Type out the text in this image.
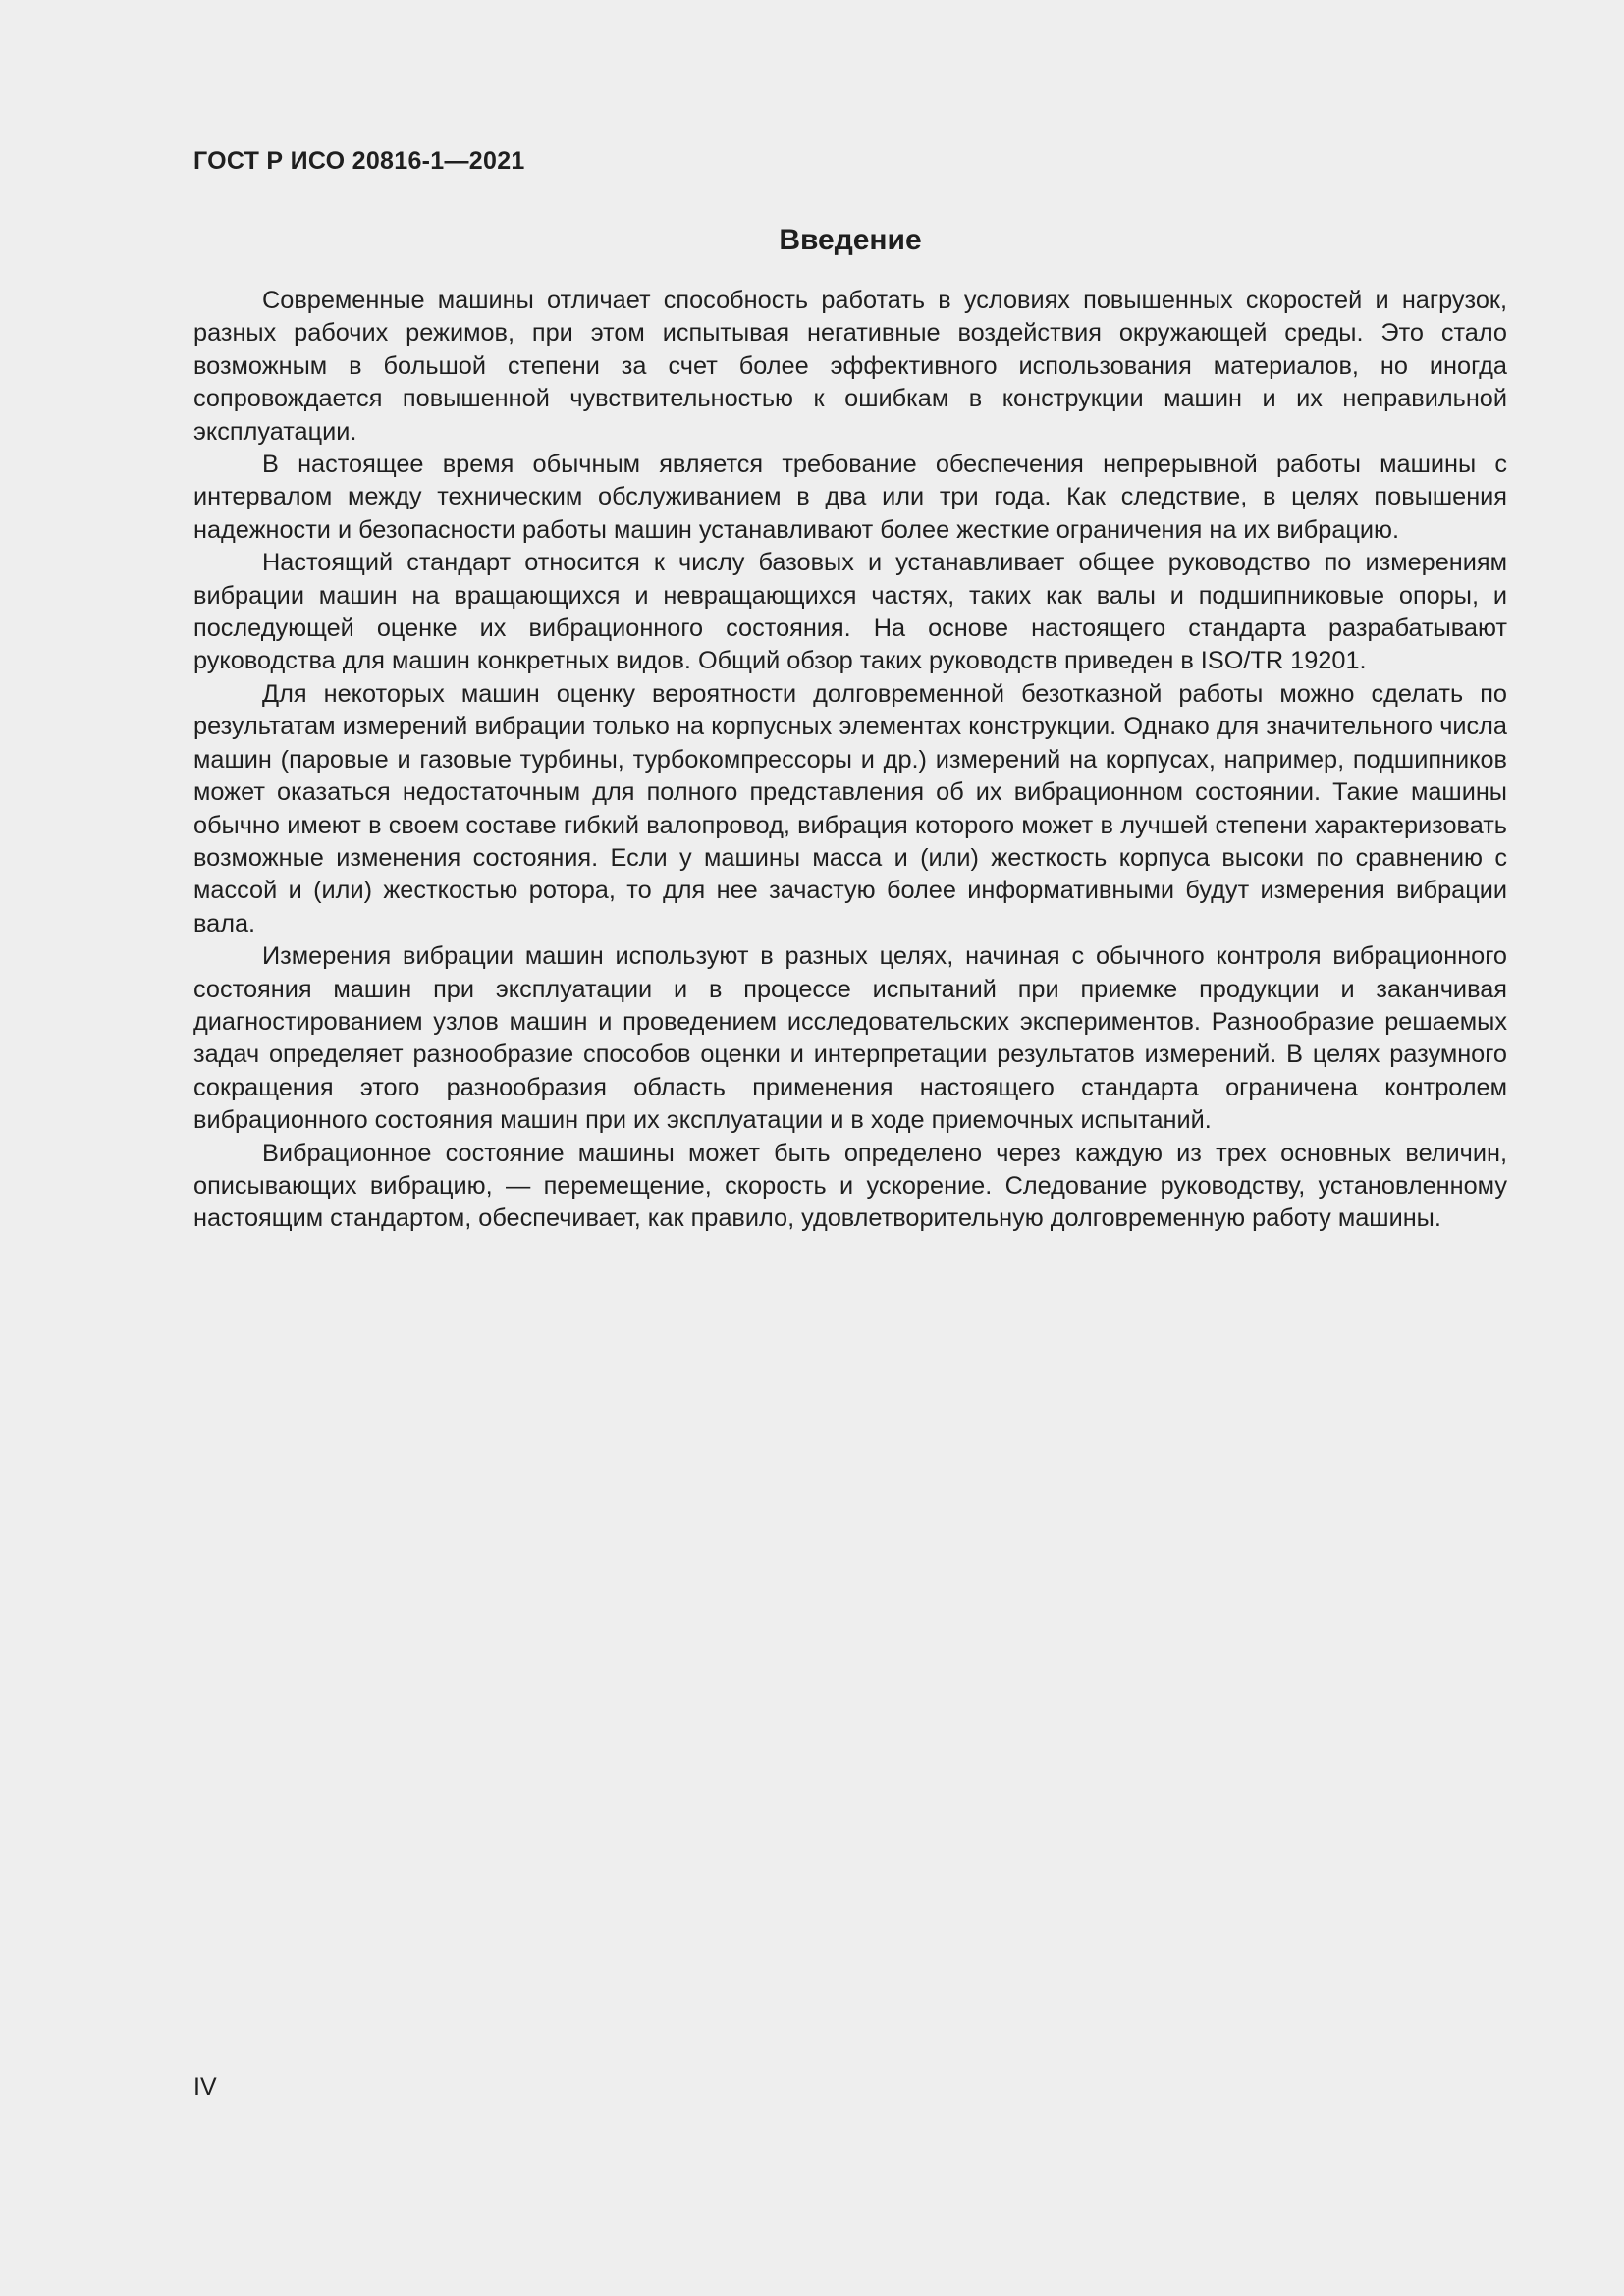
ГОСТ Р ИСО 20816-1—2021
Введение

Современные машины отличает способность работать в условиях повышенных скоростей и нагрузок, разных рабочих режимов, при этом испытывая негативные воздействия окружающей среды. Это стало возможным в большой степени за счет более эффективного использования материалов, но иногда сопровождается повышенной чувствительностью к ошибкам в конструкции машин и их неправильной эксплуатации.

В настоящее время обычным является требование обеспечения непрерывной работы машины с интервалом между техническим обслуживанием в два или три года. Как следствие, в целях повышения надежности и безопасности работы машин устанавливают более жесткие ограничения на их вибрацию.

Настоящий стандарт относится к числу базовых и устанавливает общее руководство по измерениям вибрации машин на вращающихся и невращающихся частях, таких как валы и подшипниковые опоры, и последующей оценке их вибрационного состояния. На основе настоящего стандарта разрабатывают руководства для машин конкретных видов. Общий обзор таких руководств приведен в ISO/TR 19201.

Для некоторых машин оценку вероятности долговременной безотказной работы можно сделать по результатам измерений вибрации только на корпусных элементах конструкции. Однако для значительного числа машин (паровые и газовые турбины, турбокомпрессоры и др.) измерений на корпусах, например, подшипников может оказаться недостаточным для полного представления об их вибрационном состоянии. Такие машины обычно имеют в своем составе гибкий валопровод, вибрация которого может в лучшей степени характеризовать возможные изменения состояния. Если у машины масса и (или) жесткость корпуса высоки по сравнению с массой и (или) жесткостью ротора, то для нее зачастую более информативными будут измерения вибрации вала.

Измерения вибрации машин используют в разных целях, начиная с обычного контроля вибрационного состояния машин при эксплуатации и в процессе испытаний при приемке продукции и заканчивая диагностированием узлов машин и проведением исследовательских экспериментов. Разнообразие решаемых задач определяет разнообразие способов оценки и интерпретации результатов измерений. В целях разумного сокращения этого разнообразия область применения настоящего стандарта ограничена контролем вибрационного состояния машин при их эксплуатации и в ходе приемочных испытаний.

Вибрационное состояние машины может быть определено через каждую из трех основных величин, описывающих вибрацию, — перемещение, скорость и ускорение. Следование руководству, установленному настоящим стандартом, обеспечивает, как правило, удовлетворительную долговременную работу машины.

IV
